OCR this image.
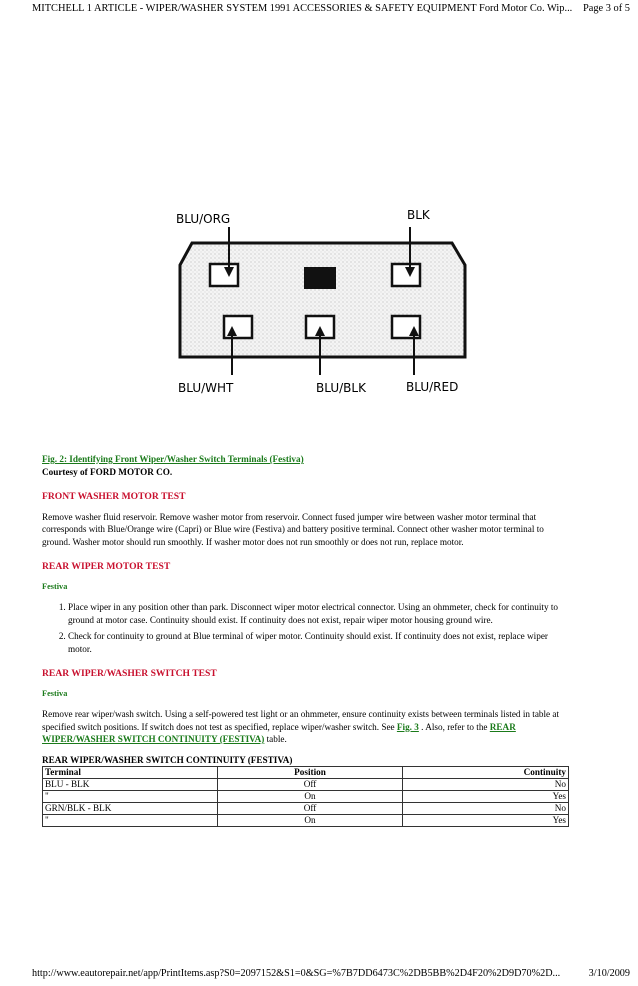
MITCHELL 1 ARTICLE - WIPER/WASHER SYSTEM 1991 ACCESSORIES & SAFETY EQUIPMENT Ford Motor Co. Wip...	Page 3 of 5
BLU/ORG	BLK
BLU/WHT	BLU/BLK	BLU/RED
Fig. 2: Identifying Front Wiper/Washer Switch Terminals (Festiva)
Courtesy of FORD MOTOR CO.
FRONT WASHER MOTOR TEST

Remove washer fluid reservoir. Remove washer motor from reservoir. Connect fused jumper wire between washer motor terminal that corresponds with Blue/Orange wire (Capri) or Blue wire (Festiva) and battery positive terminal. Connect other washer motor terminal to ground. Washer motor should run smoothly. If washer motor does not run smoothly or does not run, replace motor.

REAR WIPER MOTOR TEST
Festiva
1. Place wiper in any position other than park. Disconnect wiper motor electrical connector. Using an ohmmeter, check for continuity to ground at motor case. Continuity should exist. If continuity does not exist, repair wiper motor housing ground wire.
2. Check for continuity to ground at Blue terminal of wiper motor. Continuity should exist. If continuity does not exist, replace wiper motor.
REAR WIPER/WASHER SWITCH TEST
Festiva

Remove rear wiper/wash switch. Using a self-powered test light or an ohmmeter, ensure continuity exists between terminals listed in table at specified switch positions. If switch does not test as specified, replace wiper/washer switch. See Fig. 3 . Also, refer to the REAR WIPER/WASHER SWITCH CONTINUITY (FESTIVA) table.

REAR WIPER/WASHER SWITCH CONTINUITY (FESTIVA)
Terminal	Position	Continuity
BLU - BLK	Off	No
"	On	Yes
GRN/BLK - BLK	Off	No
"	On	Yes
http://www.eautorepair.net/app/PrintItems.asp?S0=2097152&S1=0&SG=%7B7DD6473C%2DB5BB%2D4F20%2D9D70%2D...	3/10/2009
